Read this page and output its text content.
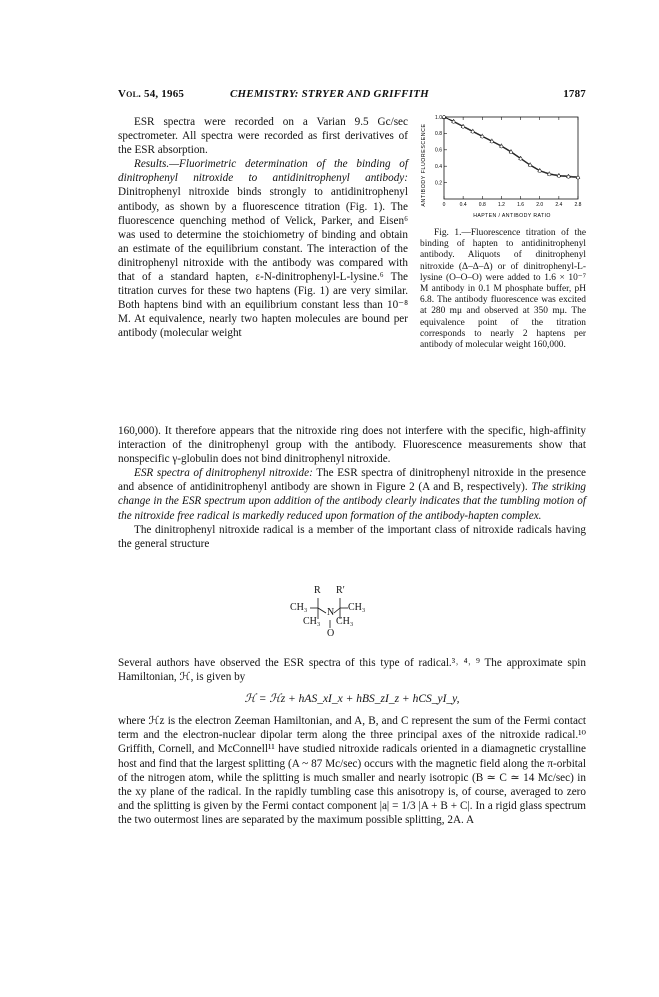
Vol. 54, 1965	CHEMISTRY: STRYER AND GRIFFITH	1787

ESR spectra were recorded on a Varian 9.5 Gc/sec spectrometer. All spectra were recorded as first derivatives of the ESR absorption.

Results.—Fluorimetric determination of the binding of dinitrophenyl nitroxide to antidinitrophenyl antibody: Dinitrophenyl nitroxide binds strongly to antidinitrophenyl antibody, as shown by a fluorescence titration (Fig. 1). The fluorescence quenching method of Velick, Parker, and Eisen⁶ was used to determine the stoichiometry of binding and obtain an estimate of the equilibrium constant. The interaction of the dinitrophenyl nitroxide with the antibody was compared with that of a standard hapten, ε-N-dinitrophenyl-L-lysine.⁶ The titration curves for these two haptens (Fig. 1) are very similar. Both haptens bind with an equilibrium constant less than 10⁻⁸ M. At equivalence, nearly two hapten molecules are bound per antibody (molecular weight

ANTIBODY FLUORESCENCE
HAPTEN / ANTIBODY RATIO
0.2
0.4
0.6
0.8
1.0
0	0.4 0.8 1.2 1.6 2.0 2.4 2.8

Fig. 1.—Fluorescence titration of the binding of hapten to antidinitrophenyl antibody. Aliquots of dinitrophenyl nitroxide (Δ–Δ–Δ) or of dinitrophenyl-L-lysine (O–O–O) were added to 1.6 × 10⁻⁷ M antibody in 0.1 M phosphate buffer, pH 6.8. The antibody fluorescence was excited at 280 mμ and observed at 350 mμ. The equivalence point of the titration corresponds to nearly 2 haptens per antibody of molecular weight 160,000.

160,000). It therefore appears that the nitroxide ring does not interfere with the specific, high-affinity interaction of the dinitrophenyl group with the antibody. Fluorescence measurements show that nonspecific γ-globulin does not bind dinitrophenyl nitroxide.

ESR spectra of dinitrophenyl nitroxide: The ESR spectra of dinitrophenyl nitroxide in the presence and absence of antidinitrophenyl antibody are shown in Figure 2 (A and B, respectively). The striking change in the ESR spectrum upon addition of the antibody clearly indicates that the tumbling motion of the nitroxide free radical is markedly reduced upon formation of the antibody-hapten complex.

The dinitrophenyl nitroxide radical is a member of the important class of nitroxide radicals having the general structure

R R′
CH₃	CH₃
N
CH₃ CH₃
O

Several authors have observed the ESR spectra of this type of radical.³˒ ⁴˒ ⁹ The approximate spin Hamiltonian, ℋ, is given by

ℋ = ℋz + hAS_xI_x + hBS_zI_z + hCS_yI_y,

where ℋz is the electron Zeeman Hamiltonian, and A, B, and C represent the sum of the Fermi contact term and the electron-nuclear dipolar term along the three principal axes of the nitroxide radical.¹⁰ Griffith, Cornell, and McConnell¹¹ have studied nitroxide radicals oriented in a diamagnetic crystalline host and find that the largest splitting (A ~ 87 Mc/sec) occurs with the magnetic field along the π-orbital of the nitrogen atom, while the splitting is much smaller and nearly isotropic (B ≃ C ≃ 14 Mc/sec) in the xy plane of the radical. In the rapidly tumbling case this anisotropy is, of course, averaged to zero and the splitting is given by the Fermi contact component |a| = 1/3 |A + B + C|. In a rigid glass spectrum the two outermost lines are separated by the maximum possible splitting, 2A. A
